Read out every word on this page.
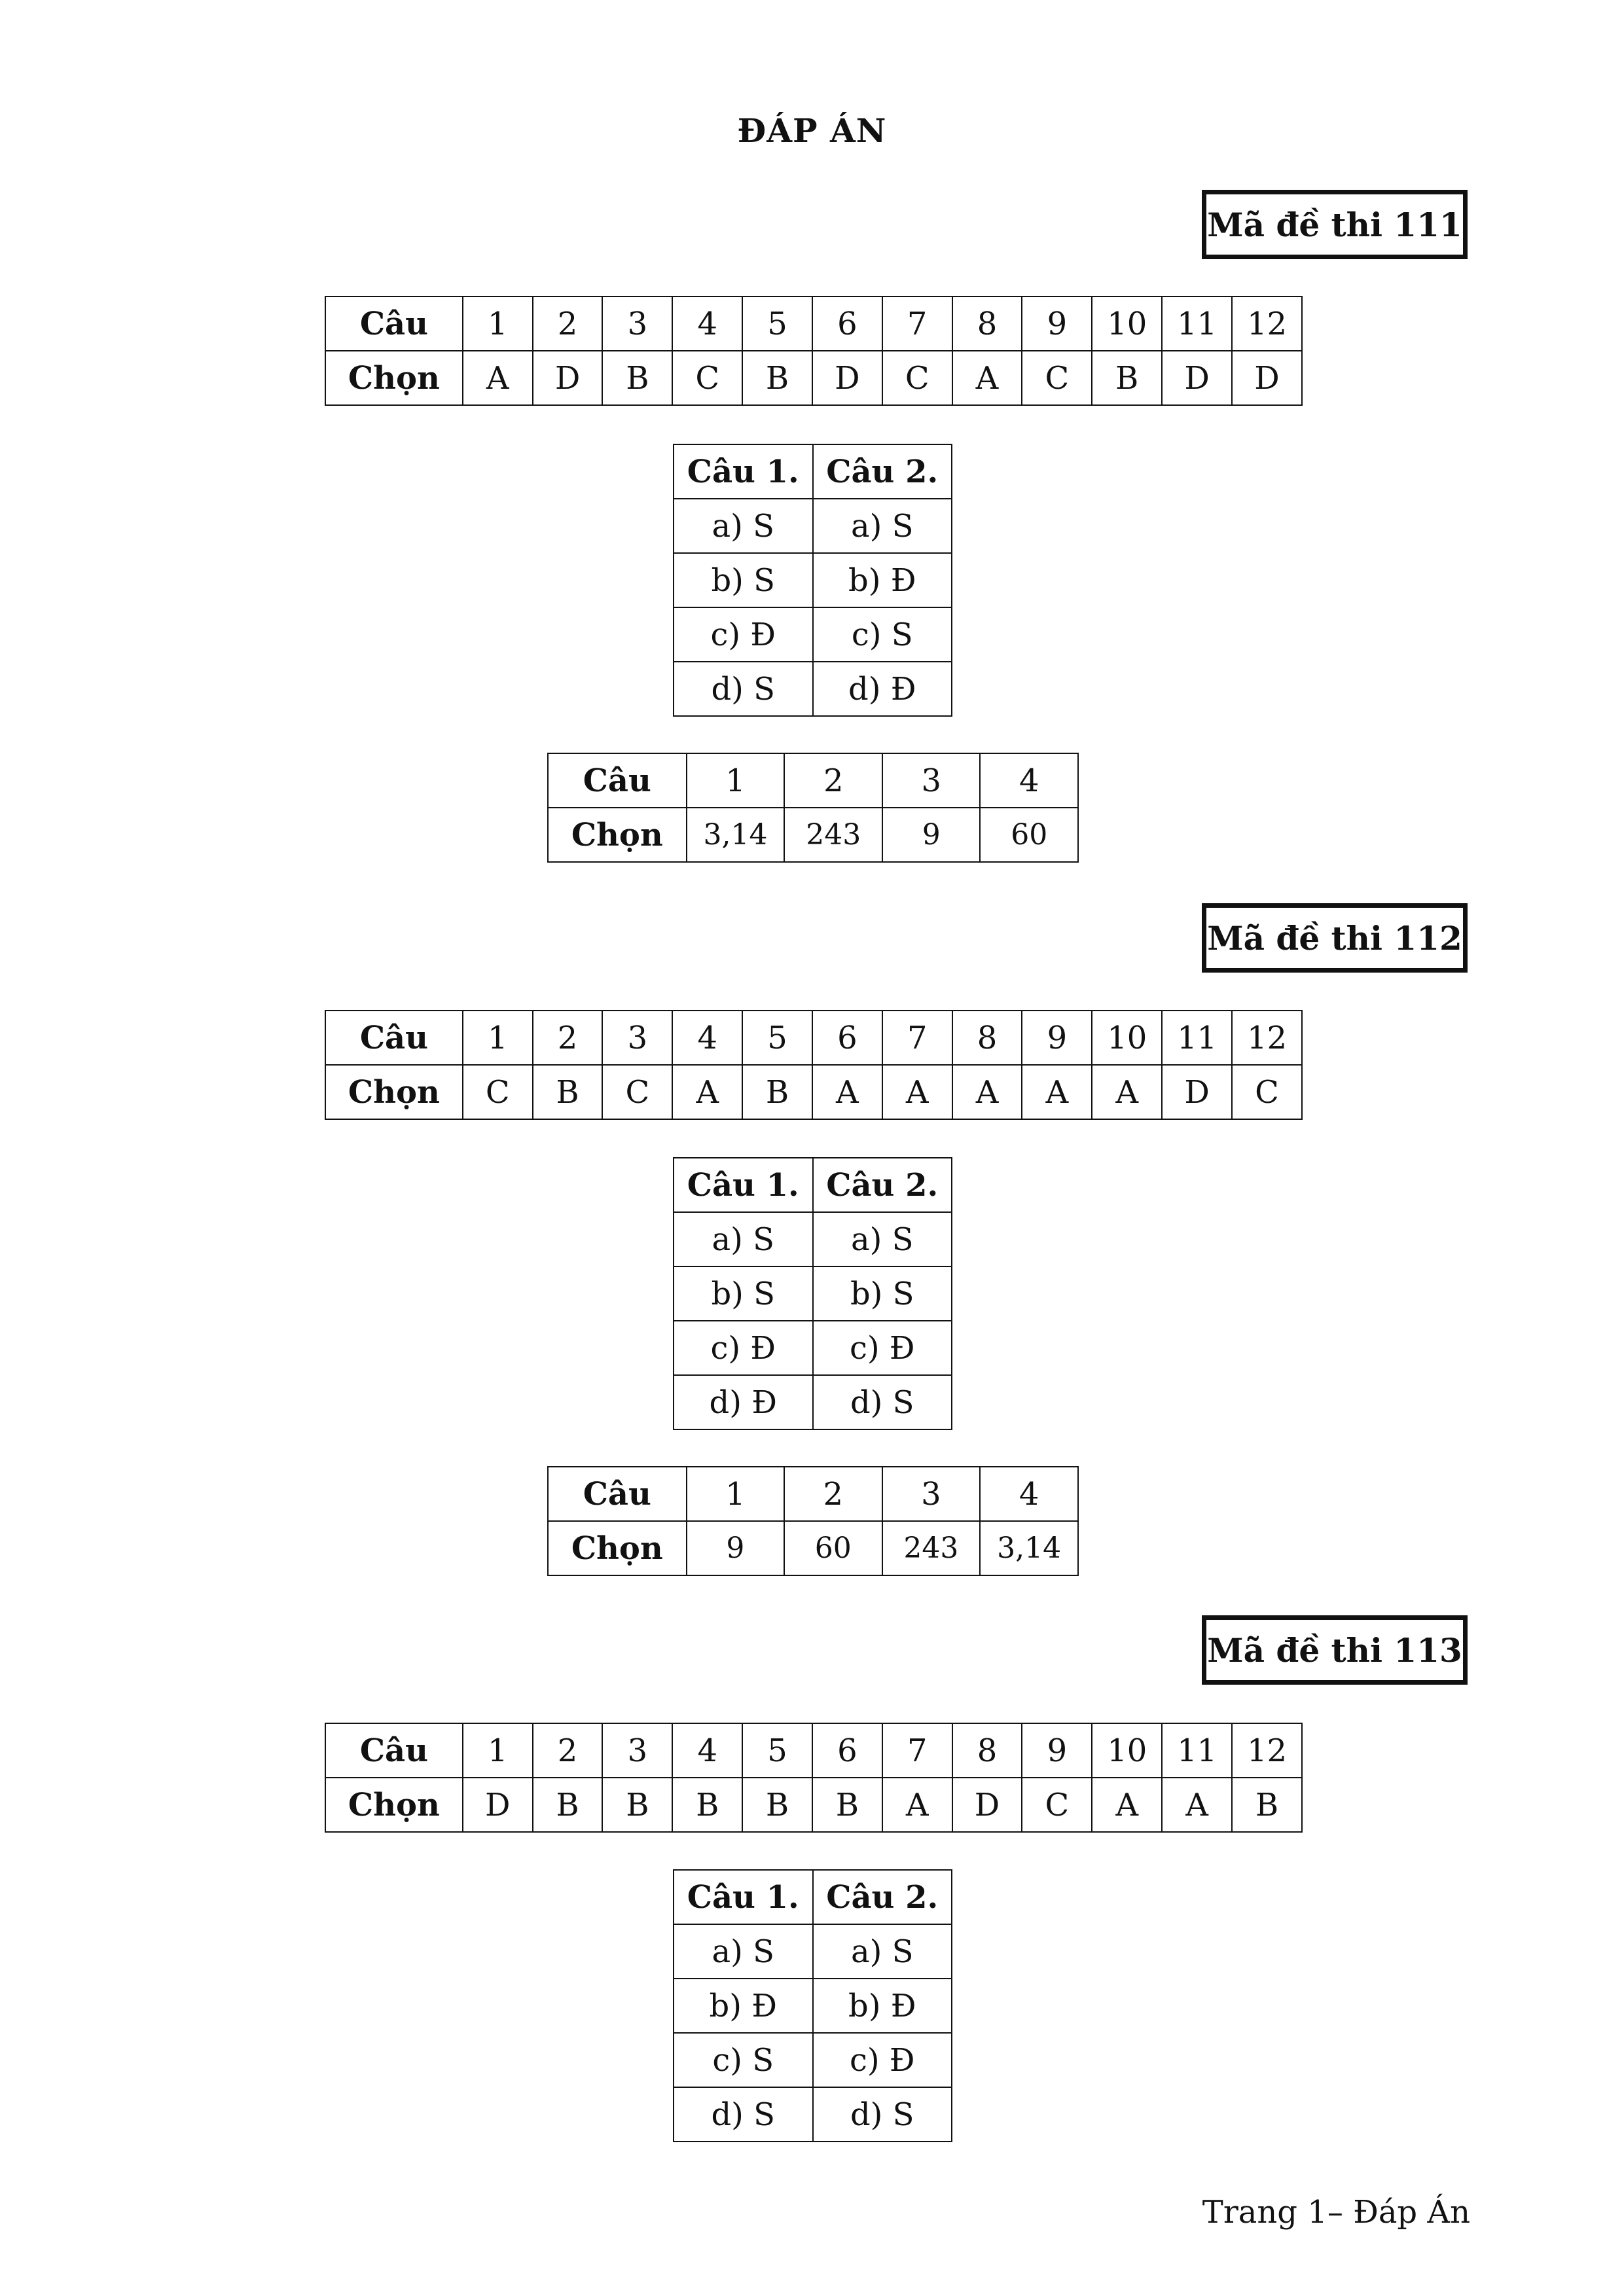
ĐÁP ÁN
Mã đề thi 111
Câu	1	2	3	4	5	6	7	8	9	10	11	12
Chọn	A	D	B	C	B	D	C	A	C	B	D	D
Câu 1.	Câu 2.
a) S	a) S
b) S	b) Đ
c) Đ	c) S
d) S	d) Đ
Câu	1	2	3	4
Chọn	3,14	243	9	60
Mã đề thi 112
Câu	1	2	3	4	5	6	7	8	9	10	11	12
Chọn	C	B	C	A	B	A	A	A	A	A	D	C
Câu 1.	Câu 2.
a) S	a) S
b) S	b) S
c) Đ	c) Đ
d) Đ	d) S
Câu	1	2	3	4
Chọn	9	60	243	3,14
Mã đề thi 113
Câu	1	2	3	4	5	6	7	8	9	10	11	12
Chọn	D	B	B	B	B	B	A	D	C	A	A	B
Câu 1.	Câu 2.
a) S	a) S
b) Đ	b) Đ
c) S	c) Đ
d) S	d) S
Trang 1– Đáp Án
